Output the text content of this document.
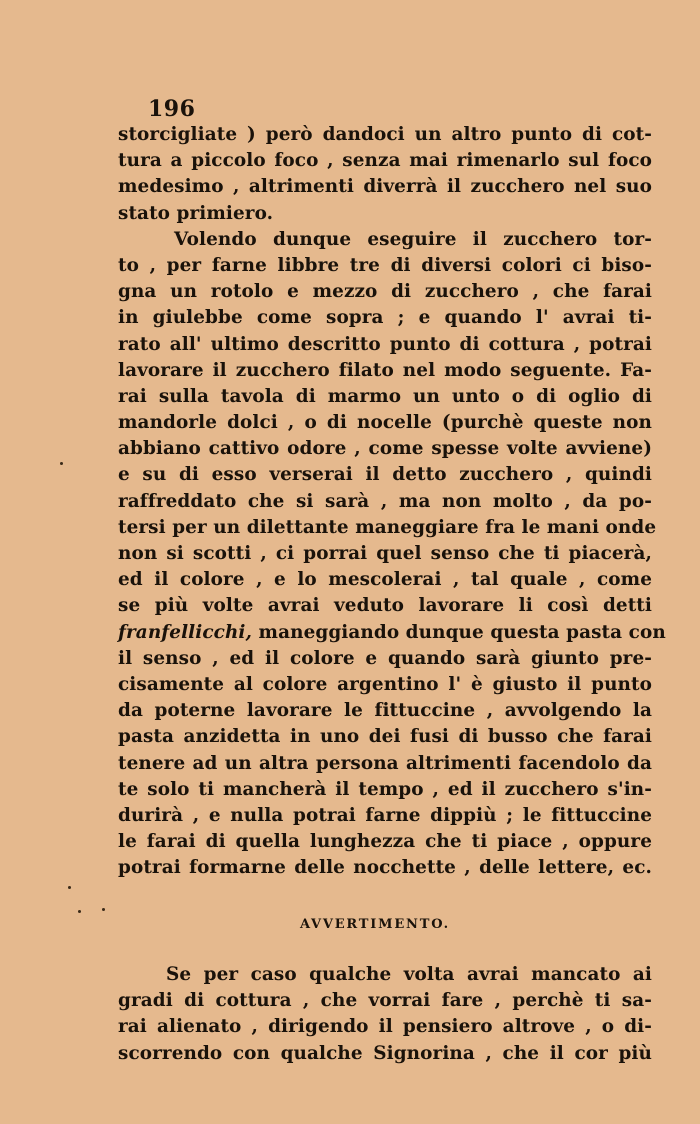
196
storcigliate ) però dandoci un altro punto di cot-
tura a piccolo foco , senza mai rimenarlo sul foco
medesimo , altrimenti diverrà il zucchero nel suo
stato primiero.
Volendo dunque eseguire il zucchero tor-
to , per farne libbre tre di diversi colori ci biso-
gna un rotolo e mezzo di zucchero , che farai
in giulebbe come sopra ; e quando l' avrai ti-
rato all' ultimo descritto punto di cottura , potrai
lavorare il zucchero filato nel modo seguente. Fa-
rai sulla tavola di marmo un unto o di oglio di
mandorle dolci , o di nocelle (purchè queste non
abbiano cattivo odore , come spesse volte avviene)
e su di esso verserai il detto zucchero , quindi
raffreddato che si sarà , ma non molto , da po-
tersi per un dilettante maneggiare fra le mani onde
non si scotti , ci porrai quel senso che ti piacerà,
ed il colore , e lo mescolerai , tal quale , come
se più volte avrai veduto lavorare li così detti
franfellicchi, maneggiando dunque questa pasta con
il senso , ed il colore e quando sarà giunto pre-
cisamente al colore argentino l' è giusto il punto
da poterne lavorare le fittuccine , avvolgendo la
pasta anzidetta in uno dei fusi di busso che farai
tenere ad un altra persona altrimenti facendolo da
te solo ti mancherà il tempo , ed il zucchero s'in-
durirà , e nulla potrai farne dippiù ; le fittuccine
le farai di quella lunghezza che ti piace , oppure
potrai formarne delle nocchette , delle lettere, ec.
AVVERTIMENTO.
Se per caso qualche volta avrai mancato ai
gradi di cottura , che vorrai fare , perchè ti sa-
rai alienato , dirigendo il pensiero altrove , o di-
scorrendo con qualche Signorina , che il cor più
